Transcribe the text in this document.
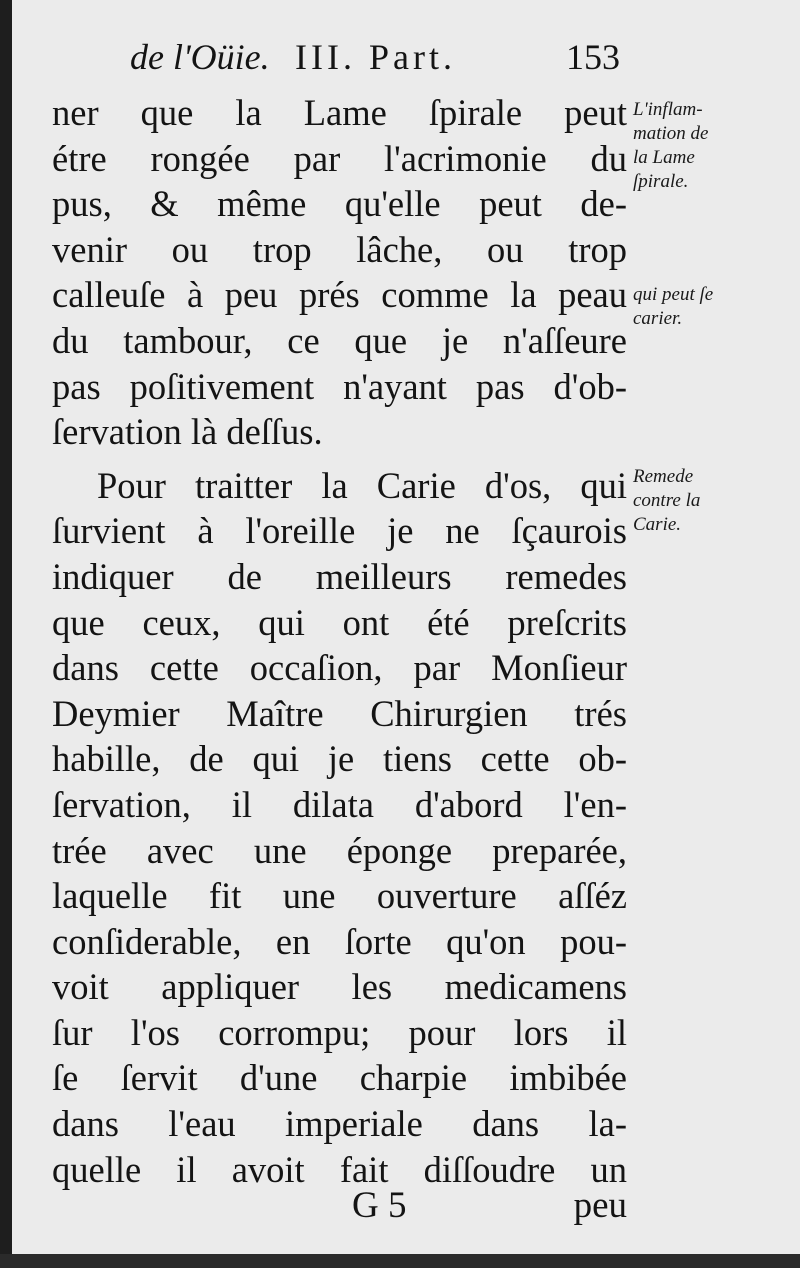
de l'Oüie. III. Part.	153
ner que la Lame ſpirale peut
étre rongée par l'acrimonie du
pus, & même qu'elle peut de-
venir ou trop lâche, ou trop
calleuſe à peu prés comme la peau
du tambour, ce que je n'aſſeure
pas poſitivement n'ayant pas d'ob-
ſervation là deſſus.
Pour traitter la Carie d'os, qui
ſurvient à l'oreille je ne ſçaurois
indiquer de meilleurs remedes
que ceux, qui ont été preſcrits
dans cette occaſion, par Monſieur
Deymier Maître Chirurgien trés
habille, de qui je tiens cette ob-
ſervation, il dilata d'abord l'en-
trée avec une éponge preparée,
laquelle fit une ouverture aſſéz
conſiderable, en ſorte qu'on pou-
voit appliquer les medicamens
ſur l'os corrompu; pour lors il
ſe ſervit d'une charpie imbibée
dans l'eau imperiale dans la-
quelle il avoit fait diſſoudre un
L'inflam-
mation de
la Lame
ſpirale.
qui peut ſe
carier.
Remede
contre la
Carie.
G 5	peu
